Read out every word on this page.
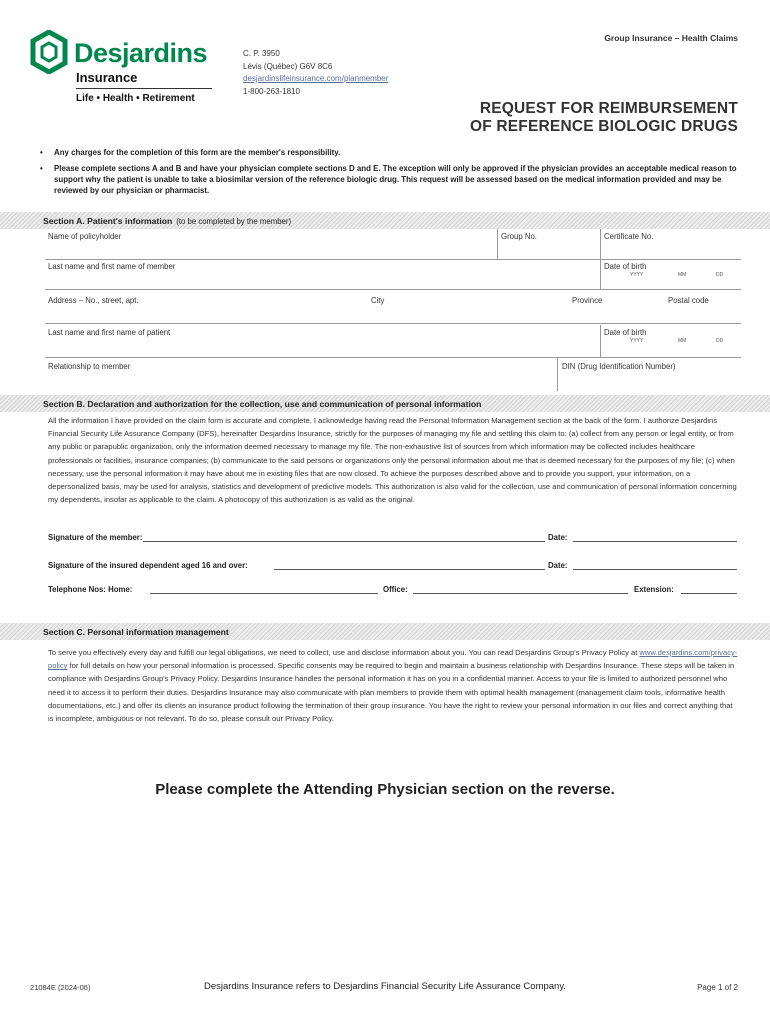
Desjardins
Insurance
Life • Health • Retirement
C. P. 3950
Lévis (Québec) G6V 8C6
desjardinslifeinsurance.com/planmember
1-800-263-1810
Group Insurance – Health Claims
REQUEST FOR REIMBURSEMENT
OF REFERENCE BIOLOGIC DRUGS
• Any charges for the completion of this form are the member's responsibility.
• Please complete sections A and B and have your physician complete sections D and E. The exception will only be approved if the physician provides an acceptable medical reason to support why the patient is unable to take a biosimilar version of the reference biologic drug. This request will be assessed based on the medical information provided and may be reviewed by our physician or pharmacist.
Section A. Patient's information (to be completed by the member)
Name of policyholder	Group No.	Certificate No.
Last name and first name of member	Date of birth
YYYY	MM	DD
Address – No., street, apt.	City	Province	Postal code
Last name and first name of patient	Date of birth
YYYY	MM	DD
Relationship to member	DIN (Drug Identification Number)
Section B. Declaration and authorization for the collection, use and communication of personal information
All the information I have provided on the claim form is accurate and complete. I acknowledge having read the Personal Information Management section at the back of the form. I authorize Desjardins Financial Security Life Assurance Company (DFS), hereinafter Desjardins Insurance, strictly for the purposes of managing my file and settling this claim to: (a) collect from any person or legal entity, or from any public or parapublic organization, only the information deemed necessary to manage my file. The non-exhaustive list of sources from which information may be collected includes healthcare professionals or facilities, insurance companies; (b) communicate to the said persons or organizations only the personal information about me that is deemed necessary for the purposes of my file; (c) when necessary, use the personal information it may have about me in existing files that are now closed. To achieve the purposes described above and to provide you support, your information, on a depersonalized basis, may be used for analysis, statistics and development of predictive models. This authorization is also valid for the collection, use and communication of personal information concerning my dependents, insofar as applicable to the claim. A photocopy of this authorization is as valid as the original.
Signature of the member:	Date:
Signature of the insured dependent aged 16 and over:	Date:
Telephone Nos: Home:	Office:	Extension:
Section C. Personal information management
To serve you effectively every day and fulfill our legal obligations, we need to collect, use and disclose information about you. You can read Desjardins Group's Privacy Policy at www.desjardins.com/privacy-policy for full details on how your personal information is processed. Specific consents may be required to begin and maintain a business relationship with Desjardins Insurance. These steps will be taken in compliance with Desjardins Group's Privacy Policy. Desjardins Insurance handles the personal information it has on you in a confidential manner. Access to your file is limited to authorized personnel who need it to access it to perform their duties. Desjardins Insurance may also communicate with plan members to provide them with optimal health management (management claim tools, informative health documentations, etc.) and offer its clients an insurance product following the termination of their group insurance. You have the right to review your personal information in our files and correct anything that is incomplete, ambiguous or not relevant. To do so, please consult our Privacy Policy.
Please complete the Attending Physician section on the reverse.
21084E (2024-06)	Desjardins Insurance refers to Desjardins Financial Security Life Assurance Company.	Page 1 of 2
